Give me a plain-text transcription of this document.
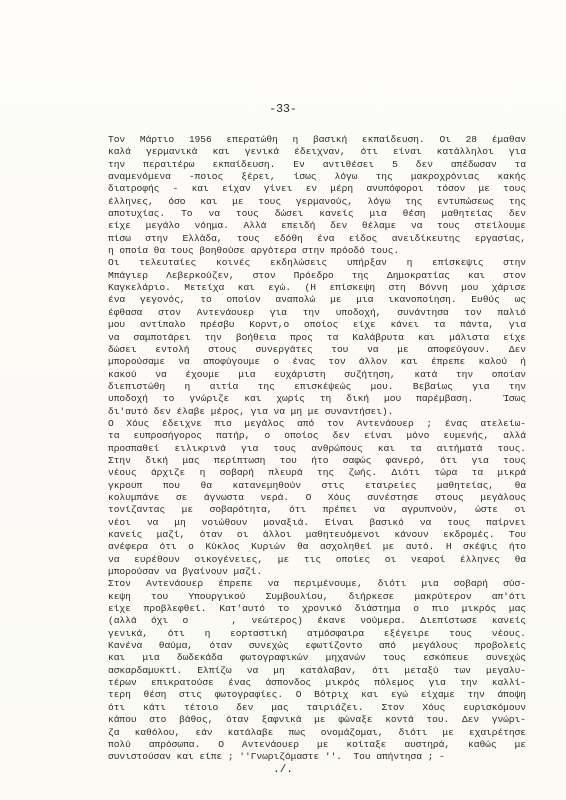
-33-
Τον Μάρτιο 1956 επερατώθη η βασική εκπαίδευση. Οι 28 έμαθαν
καλά γερμανικά και γενικά έδειχναν, ότι είναι κατάλληλοι για
την περαιτέρω εκπαίδευση. Εν αντιθέσει 5 δεν απέδωσαν τα
αναμενόμενα -ποιος ξέρει, ίσως λόγω της μακροχρόνιας κακής
διατροφής - και είχαν γίνει εν μέρη ανυπόφοροι τόσον με τους
έλληνες, όσο και με τους γερμανούς, λόγω της εντυπώσεως της
αποτυχίας. Το να τους δώσει κανείς μια θέση μαθητείας δεν
είχε μεγάλο νόημα. Αλλά επειδή δεν θέλαμε να τους στείλουμε
πίσω στην Ελλάδα, τους εδόθη ένα είδος ανειδίκευτης εργασίας,
η οποία θα τους βοηθούσε αργότερα στην πρόοδό τους.
Οι τελευταίες κοινές εκδηλώσεις υπήρξαν η επίσκεψις στην
Μπάγιερ Λεβερκούζεν, στον Πρόεδρο της Δημοκρατίας και στον
Καγκελάριο. Μετείχα και εγώ. (Η επίσκεψη στη Βόννη μου χάρισε
ένα γεγονός, το οποίον αναπολώ με μια ικανοποίηση. Ευθύς ως
έφθασα στον Αντενάουερ για την υποδοχή, συνάντησα τον παλιό
μου αντίπαλο πρέσβυ Κορντ,ο οποίος είχε κάνει τα πάντα, για
να σαμποτάρει την βοήθεια προς τα Καλάβρυτα και μάλιστα είχε
δώσει εντολή στους συνεργάτες του να με αποφεύγουν. Δεν
μπορούσαμε να αποφύγουμε ο ένας τον άλλον και έπρεπε καλού ή
κακού να έχουμε μια ευχάριστη συζήτηση, κατά την οποίαν
διεπιστώθη η αιτία της επισκέψεώς μου. Βεβαίως για την
υποδοχή το γνώριζε και χωρίς τη δική μου παρέμβαση.  Ίσως
δι'αυτό δεν έλαβε μέρος, για να μη με συναντήσει).
Ο Χόυς έδειχνε πιο μεγάλος από τον Αντενάουερ ; ένας ατελείω-
τα ευπροσήγορος πατήρ, ο οποίος δεν είναι μόνο ευμενής, αλλά
προσπαθεί ειλικρινά για τους ανθρώπους και τα αιτήματά τους.
Στην δική μας περίπτωση του ήτο σαφώς φανερό, ότι για τους
νέους άρχιζε η σοβαρή πλευρά της ζωής. Διότι τώρα τα μικρά
γκρουπ που θα κατανεμηθούν στις εταιρείες μαθητείας, θα
κολυμπάνε σε άγνωστα νερά. Ο Χόυς συνέστησε στους μεγάλους
τονίζαντας με σοβαρότητα, ότι πρέπει να αγρυπνούν, ώστε οι
νέοι να μη νοιώθουν μοναξιά. Είναι βασικό να τους παίρνει
κανείς μαζί, όταν οι άλλοι μαθητευόμενοι κάνουν εκδρομές. Του
ανέφερα ότι ο Κύκλος Κυριών θα ασχοληθεί με αυτό. Η σκέψις ήτο
να ευρέθουν οικογένειες, με τις οποίες οι νεαροί έλληνες θα
μπορούσαν να βγαίνουν μαζί.
Στον Αντενάουερ έπρεπε να περιμένουμε, διότι μια σοβαρή σύσ-
κεψη του Υπουργικού Συμβουλίου, διήρκεσε μακρύτερον απ'ότι
είχε προβλεφθεί. Κατ'αυτό το χρονικό διάστημα ο πιο μικρός μας
(αλλά όχι ο   , νεώτερος) έκανε νούμερα. Διεπίστωσε κανείς
γενικά, ότι η εορταστική ατμόσφαιρα εξέγειρε τους νέους.
Κανένα θαύμα, όταν συνεχώς εφωτίζοντο από μεγάλους προβολείς
και μια δωδεκάδα φωτογραφικών μηχανών τους εσκόπευε συνεχώς
ασκαρδαμυκτί. Ελπίζω να μη κατάλαβαν, ότι μεταξύ των μεγαλυ-
τέρων επικρατούσε ένας άσπονδος μικρός πόλεμος για την καλλί-
τερη θέση στις φωτογραφίες. Ο Βότριχ και εγώ είχαμε την άποψη
ότι κάτι τέτοιο δεν μας ταιριάζει. Στον Χόυς ευρισκόμουν
κάπου στο βάθος, όταν ξαφνικά με φώναξε κοντά του. Δεν γνώρι-
ζα καθόλου, εάν κατάλαβε πως ονομάζομαι, διότι με εχαιρέτησε
πολύ απρόσωπα. Ο Αντενάουερ με κοίταξε αυστηρά, καθώς με
συνιστούσαν και είπε ; ''Γνωριζόμαστε ''.  Του απήντησα ; -
./.
